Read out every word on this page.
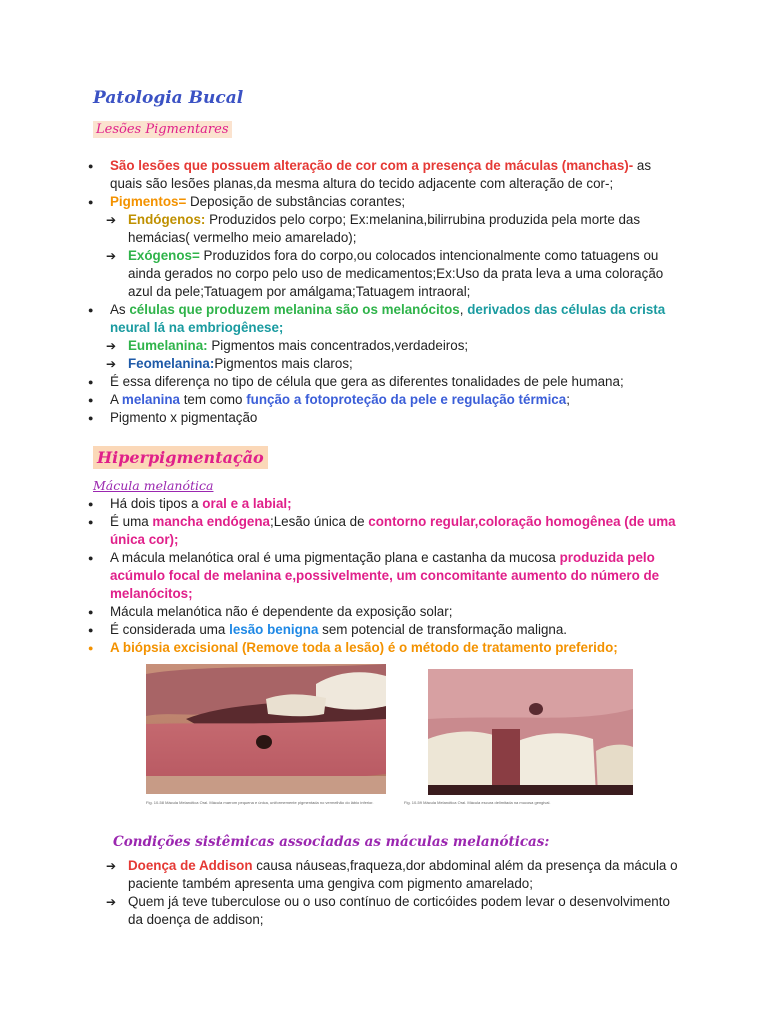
Patologia Bucal
Lesões Pigmentares
● São lesões que possuem alteração de cor com a presença de máculas (manchas)- as quais são lesões planas,da mesma altura do tecido adjacente com alteração de cor-;
● Pigmentos= Deposição de substâncias corantes;
➔ Endógenos: Produzidos pelo corpo; Ex:melanina,bilirrubina produzida pela morte das hemácias( vermelho meio amarelado);
➔ Exógenos= Produzidos fora do corpo,ou colocados intencionalmente como tatuagens ou ainda gerados no corpo pelo uso de medicamentos;Ex:Uso da prata leva a uma coloração azul da pele;Tatuagem por amálgama;Tatuagem intraoral;
● As células que produzem melanina são os melanócitos, derivados das células da crista neural lá na embriogênese;
➔ Eumelanina: Pigmentos mais concentrados,verdadeiros;
➔ Feomelanina:Pigmentos mais claros;
● É essa diferença no tipo de célula que gera as diferentes tonalidades de pele humana;
● A melanina tem como função a fotoproteção da pele e regulação térmica;
● Pigmento x pigmentação
Hiperpigmentação
Mácula melanótica
● Há dois tipos a oral e a labial;
● É uma mancha endógena;Lesão única de contorno regular,coloração homogênea (de uma única cor);
● A mácula melanótica oral é uma pigmentação plana e castanha da mucosa produzida pelo acúmulo focal de melanina e,possivelmente, um concomitante aumento do número de melanócitos;
● Mácula melanótica não é dependente da exposição solar;
● É considerada uma lesão benigna sem potencial de transformação maligna.
● A biópsia excisional (Remove toda a lesão) é o método de tratamento preferido;
Fig. 10-58 Mácula Melanótica Oral. Mácula marrom pequena e única, uniformemente pigmentada no vermelhão do lábio inferior.	Fig. 10-59 Mácula Melanótica Oral. Mácula escura delimitada na mucosa gengival.
Condições sistêmicas associadas as máculas melanóticas:
➔ Doença de Addison causa náuseas,fraqueza,dor abdominal além da presença da mácula o paciente também apresenta uma gengiva com pigmento amarelado;
➔ Quem já teve tuberculose ou o uso contínuo de corticóides podem levar o desenvolvimento da doença de addison;
